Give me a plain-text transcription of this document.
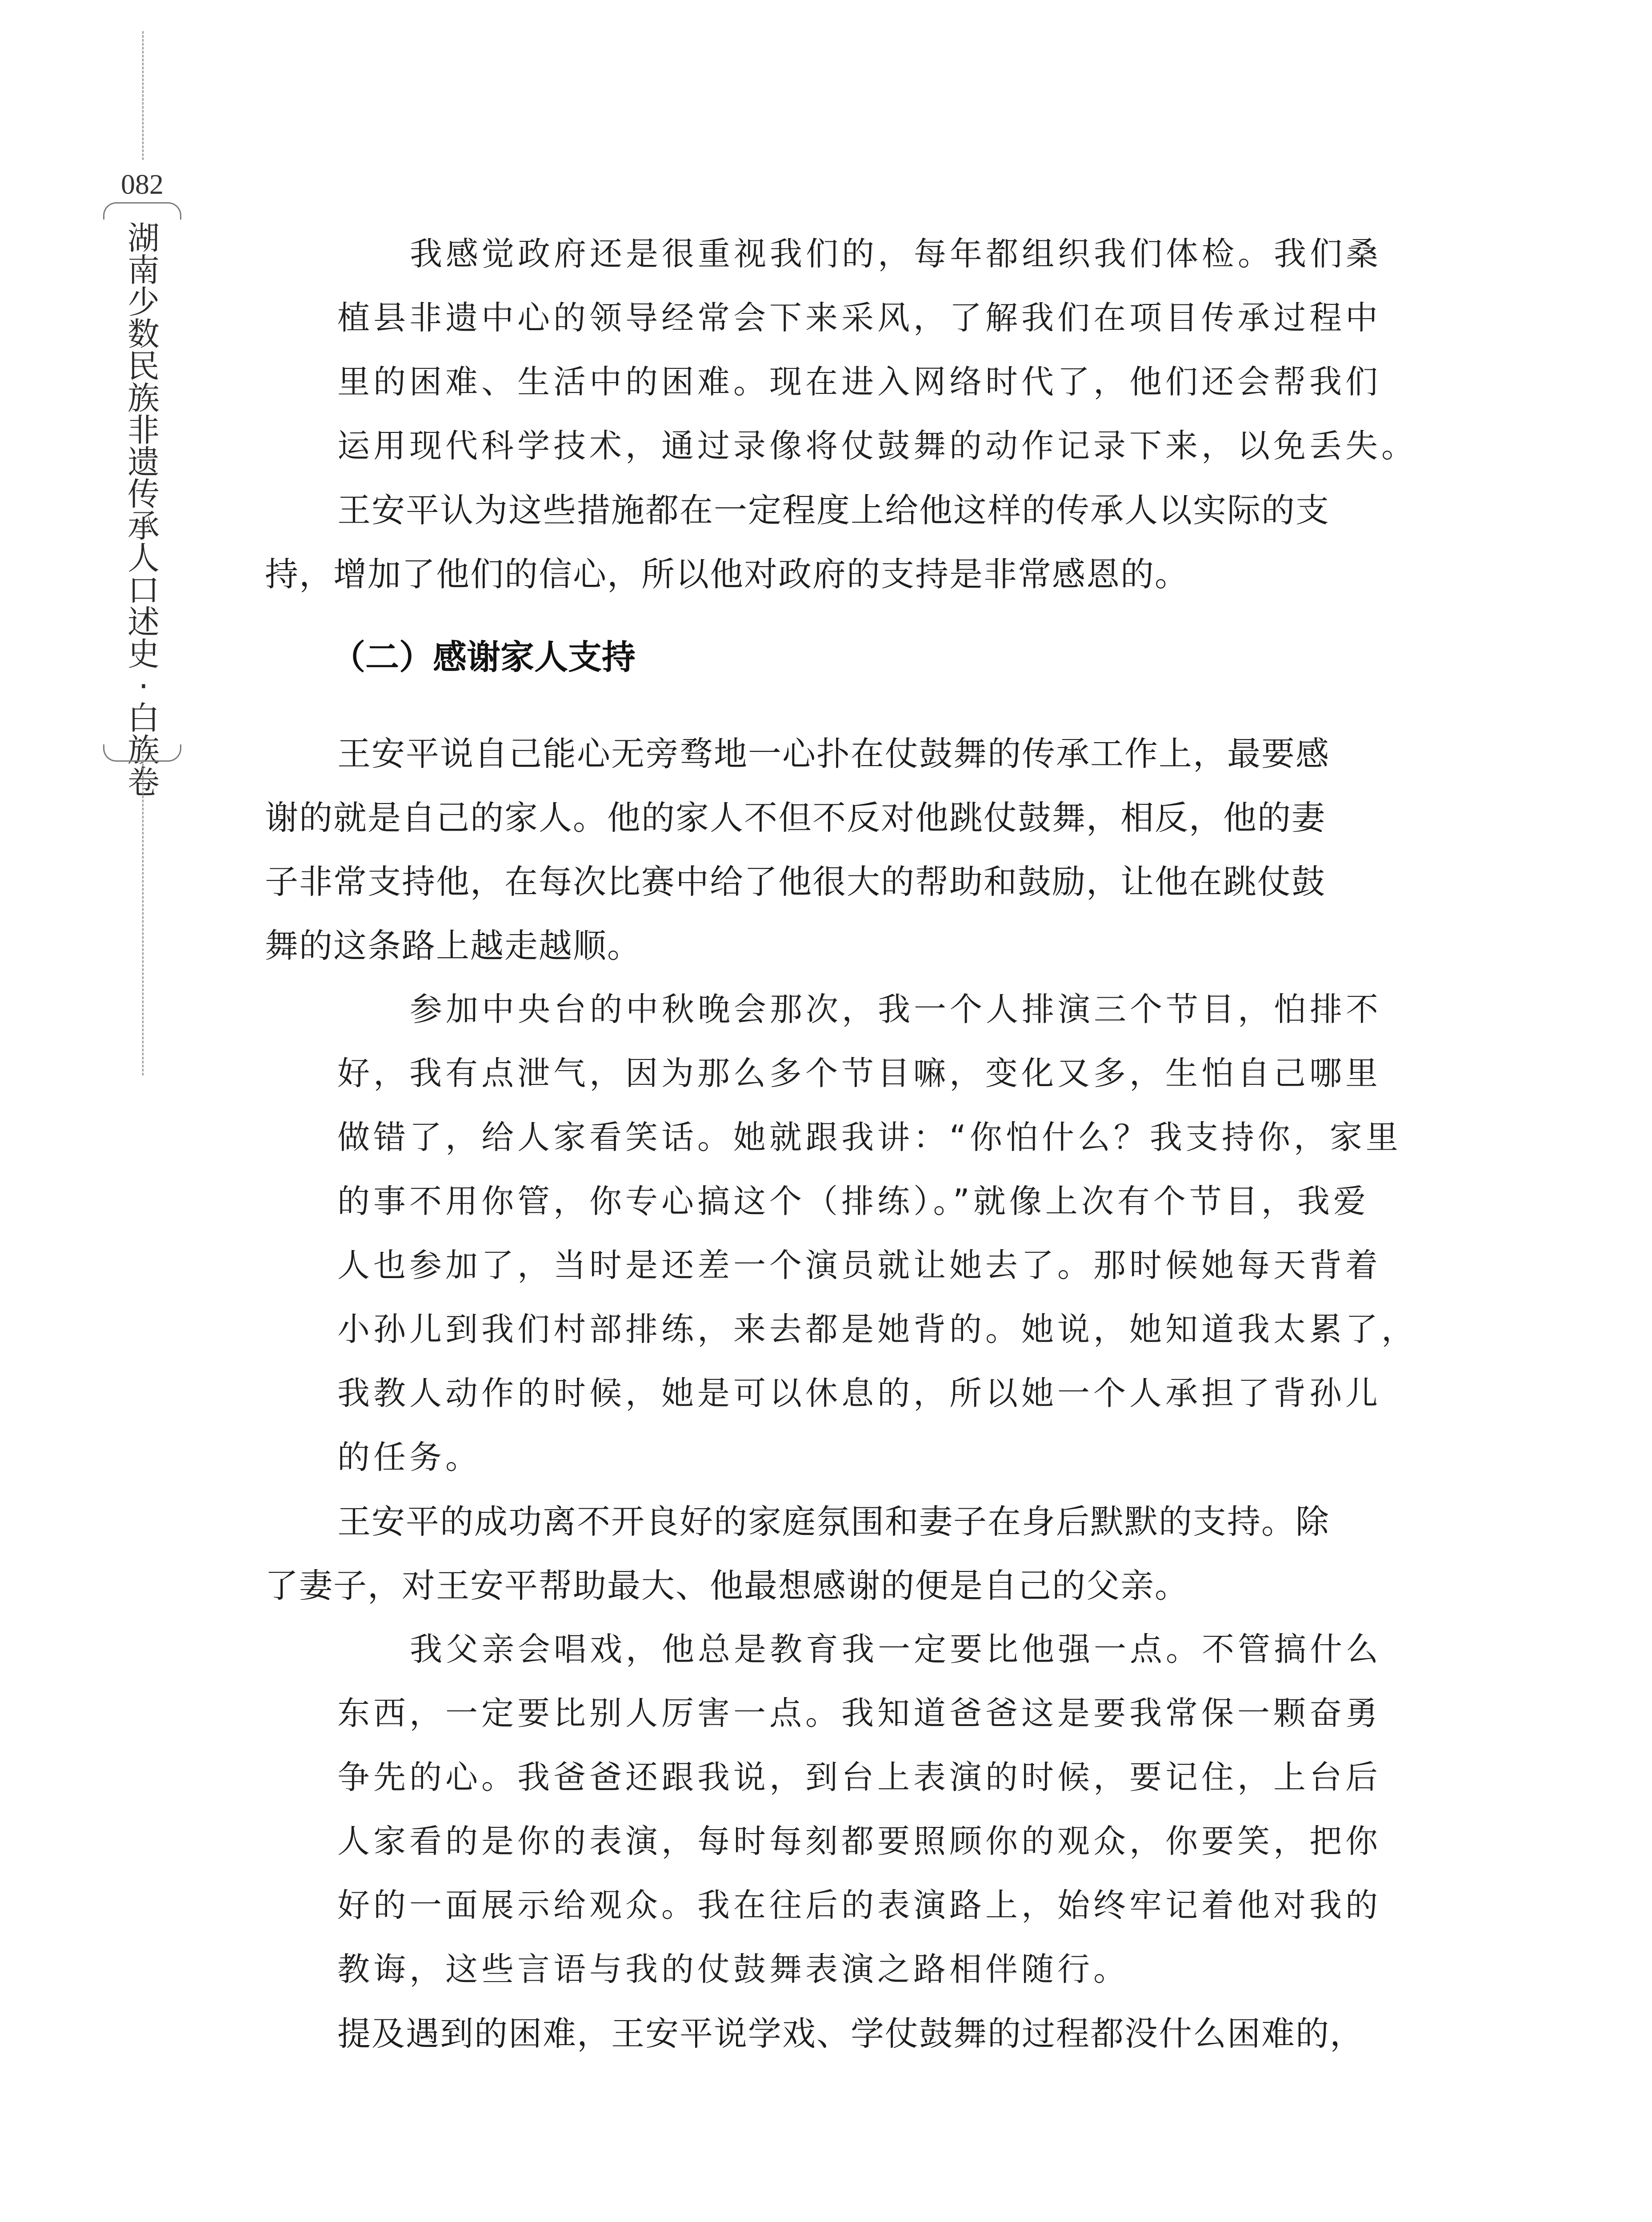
082
湖
南
少
数
民
族
非
遗
传
承
人
口
述
史
·
白
族
卷
我感觉政府还是很重视我们的，每年都组织我们体检。我们桑
植县非遗中心的领导经常会下来采风，了解我们在项目传承过程中
里的困难、生活中的困难。现在进入网络时代了，他们还会帮我们
运用现代科学技术，通过录像将仗鼓舞的动作记录下来，以免丢失。
王安平认为这些措施都在一定程度上给他这样的传承人以实际的支
持，增加了他们的信心，所以他对政府的支持是非常感恩的。
（二）感谢家人支持
王安平说自己能心无旁骛地一心扑在仗鼓舞的传承工作上，最要感
谢的就是自己的家人。他的家人不但不反对他跳仗鼓舞，相反，他的妻
子非常支持他，在每次比赛中给了他很大的帮助和鼓励，让他在跳仗鼓
舞的这条路上越走越顺。
参加中央台的中秋晚会那次，我一个人排演三个节目，怕排不
好，我有点泄气，因为那么多个节目嘛，变化又多，生怕自己哪里
做错了，给人家看笑话。她就跟我讲：“你怕什么？我支持你，家里
的事不用你管，你专心搞这个（排练）。”就像上次有个节目，我爱
人也参加了，当时是还差一个演员就让她去了。那时候她每天背着
小孙儿到我们村部排练，来去都是她背的。她说，她知道我太累了，
我教人动作的时候，她是可以休息的，所以她一个人承担了背孙儿
的任务。
王安平的成功离不开良好的家庭氛围和妻子在身后默默的支持。除
了妻子，对王安平帮助最大、他最想感谢的便是自己的父亲。
我父亲会唱戏，他总是教育我一定要比他强一点。不管搞什么
东西，一定要比别人厉害一点。我知道爸爸这是要我常保一颗奋勇
争先的心。我爸爸还跟我说，到台上表演的时候，要记住，上台后
人家看的是你的表演，每时每刻都要照顾你的观众，你要笑，把你
好的一面展示给观众。我在往后的表演路上，始终牢记着他对我的
教诲，这些言语与我的仗鼓舞表演之路相伴随行。
提及遇到的困难，王安平说学戏、学仗鼓舞的过程都没什么困难的，
